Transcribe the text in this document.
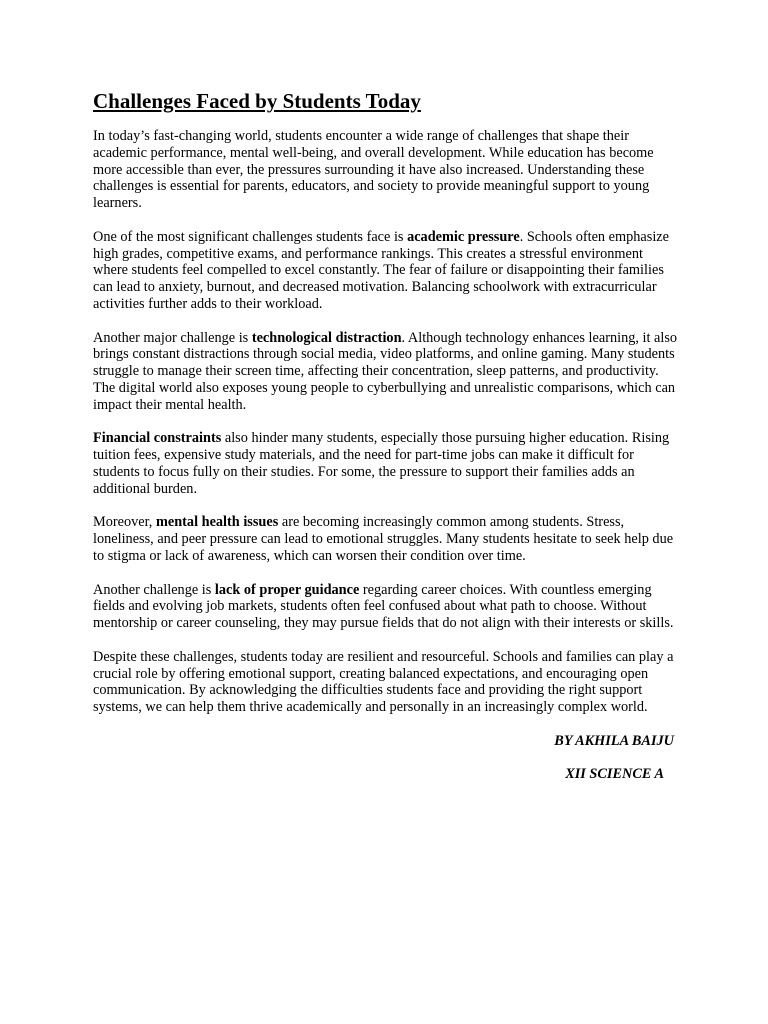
Challenges Faced by Students Today

In today’s fast-changing world, students encounter a wide range of challenges that shape their academic performance, mental well-being, and overall development. While education has become more accessible than ever, the pressures surrounding it have also increased. Understanding these challenges is essential for parents, educators, and society to provide meaningful support to young learners.

One of the most significant challenges students face is academic pressure. Schools often emphasize high grades, competitive exams, and performance rankings. This creates a stressful environment where students feel compelled to excel constantly. The fear of failure or disappointing their families can lead to anxiety, burnout, and decreased motivation. Balancing schoolwork with extracurricular activities further adds to their workload.

Another major challenge is technological distraction. Although technology enhances learning, it also brings constant distractions through social media, video platforms, and online gaming. Many students struggle to manage their screen time, affecting their concentration, sleep patterns, and productivity. The digital world also exposes young people to cyberbullying and unrealistic comparisons, which can impact their mental health.

Financial constraints also hinder many students, especially those pursuing higher education. Rising tuition fees, expensive study materials, and the need for part-time jobs can make it difficult for students to focus fully on their studies. For some, the pressure to support their families adds an additional burden.

Moreover, mental health issues are becoming increasingly common among students. Stress, loneliness, and peer pressure can lead to emotional struggles. Many students hesitate to seek help due to stigma or lack of awareness, which can worsen their condition over time.

Another challenge is lack of proper guidance regarding career choices. With countless emerging fields and evolving job markets, students often feel confused about what path to choose. Without mentorship or career counseling, they may pursue fields that do not align with their interests or skills.

Despite these challenges, students today are resilient and resourceful. Schools and families can play a crucial role by offering emotional support, creating balanced expectations, and encouraging open communication. By acknowledging the difficulties students face and providing the right support systems, we can help them thrive academically and personally in an increasingly complex world.

BY AKHILA BAIJU

XII SCIENCE A
